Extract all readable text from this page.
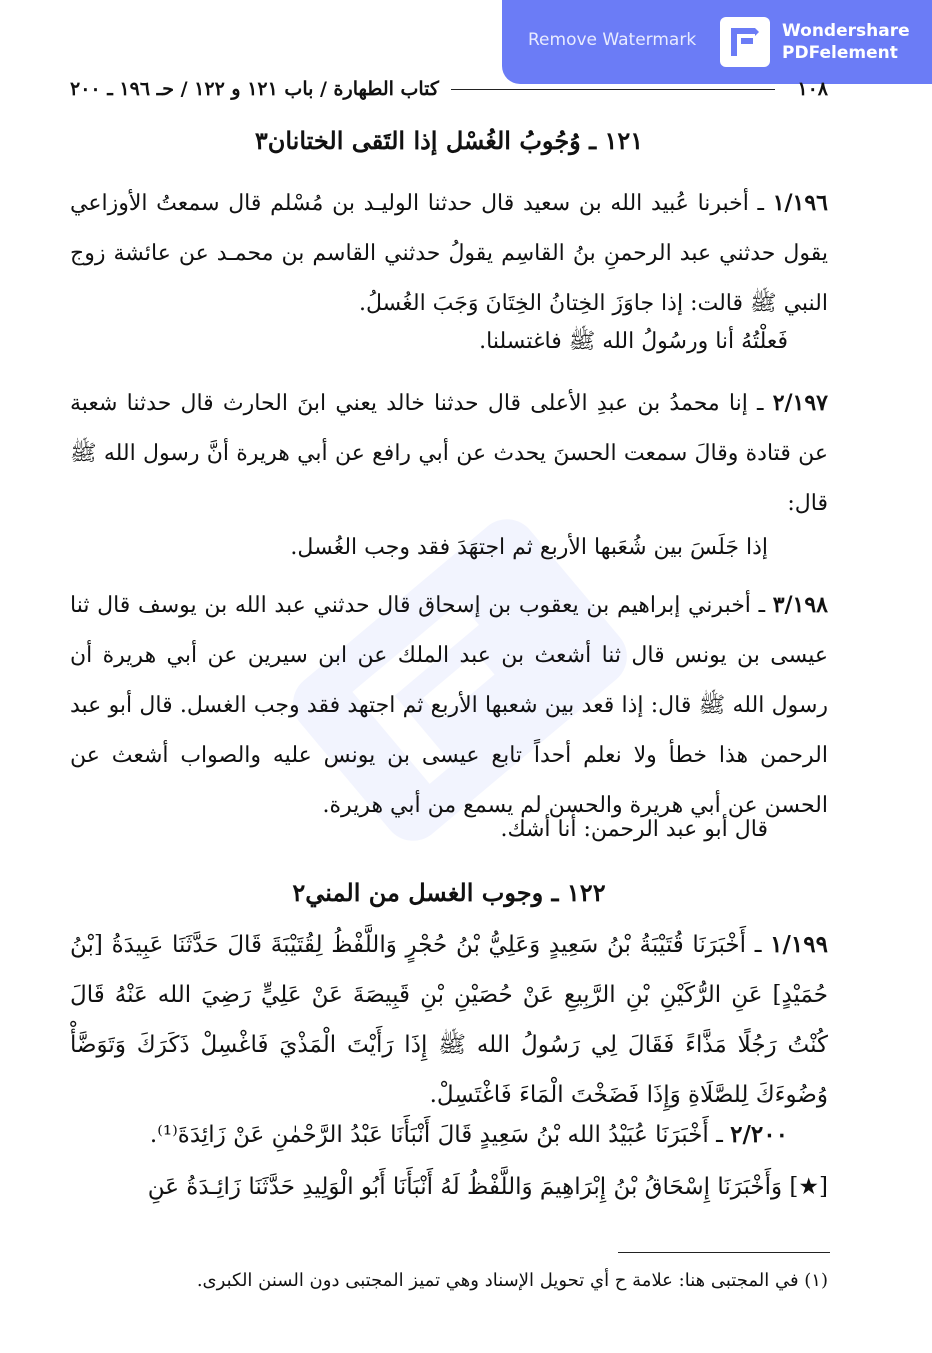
Remove Watermark	Wondershare
PDFelement
١٠٨
كتاب الطهارة / باب ١٢١ و ١٢٢ / حـ ١٩٦ ـ ٢٠٠
١٢١ ـ وُجُوبُ الغُسْل إذا التَقى الختانان٣
١/١٩٦ ـ أخبرنا عُبيد الله بن سعيد قال حدثنا الوليـد بن مُسْلم قال سمعتُ الأوزاعي يقول حدثني عبد الرحمنِ بنُ القاسِم يقولُ حدثني القاسم بن محمـد عن عائشة زوج النبي ﷺ قالت: إذا جاوَزَ الخِتانُ الخِتَانَ وَجَبَ الغُسلُ.
فَعلْتُهُ أنا ورسُولُ الله ﷺ فاغتسلنا.
٢/١٩٧ ـ إنا محمدُ بن عبدِ الأعلى قال حدثنا خالد يعني ابنَ الحارث قال حدثنا شعبة عن قتادة وقالَ سمعت الحسنَ يحدث عن أبي رافع عن أبي هريرة أنَّ رسول الله ﷺ قال:
إذا جَلَسَ بين شُعَبها الأربع ثم اجتهَدَ فقد وجب الغُسل.
٣/١٩٨ ـ أخبرني إبراهيم بن يعقوب بن إسحاق قال حدثني عبد الله بن يوسف قال ثنا عيسى بن يونس قال ثنا أشعث بن عبد الملك عن ابن سيرين عن أبي هريرة أن رسول الله ﷺ قال: إذا قعد بين شعبها الأربع ثم اجتهد فقد وجب الغسل. قال أبو عبد الرحمن هذا خطأ ولا نعلم أحداً تابع عيسى بن يونس عليه والصواب أشعث عن الحسن عن أبي هريرة والحسن لم يسمع من أبي هريرة.
قال أبو عبد الرحمن: أنا أشك.
١٢٢ ـ وجوب الغسل من المني٢
١/١٩٩ ـ أَخْبَرَنَا قُتَيْبَةُ بْنُ سَعِيدٍ وَعَلِيُّ بْنُ حُجْرٍ وَاللَّفْظُ لِقُتَيْبَةَ قَالَ حَدَّثَنَا عَبِيدَةُ [بْنُ حُمَيْدٍ] عَنِ الرُّكَيْنِ بْنِ الرَّبِيعِ عَنْ حُصَيْنِ بْنِ قَبِيصَةَ عَنْ عَلِيٍّ رَضِيَ الله عَنْهُ قَالَ كُنْتُ رَجُلًا مَذَّاءً فَقَالَ لِي رَسُولُ الله ﷺ إِذَا رَأَيْتَ الْمَذْيَ فَاغْسِلْ ذَكَرَكَ وَتَوَضَّأْ وُضُوءَكَ لِلصَّلَاةِ وَإِذَا فَضَخْتَ الْمَاءَ فَاغْتَسِلْ.
٢/٢٠٠ ـ أَخْبَرَنَا عُبَيْدُ الله بْنُ سَعِيدٍ قَالَ أَنْبَأَنَا عَبْدُ الرَّحْمٰنِ عَنْ زَائِدَةَ⁽¹⁾.
[★] وَأَخْبَرَنَا إِسْحَاقُ بْنُ إِبْرَاهِيمَ وَاللَّفْظُ لَهُ أَنْبَأَنَا أَبُو الْوَلِيدِ حَدَّثَنَا زَائِـدَةُ عَنِ
(١) في المجتبى هنا: علامة ح أي تحويل الإسناد وهي تميز المجتبى دون السنن الكبرى.
